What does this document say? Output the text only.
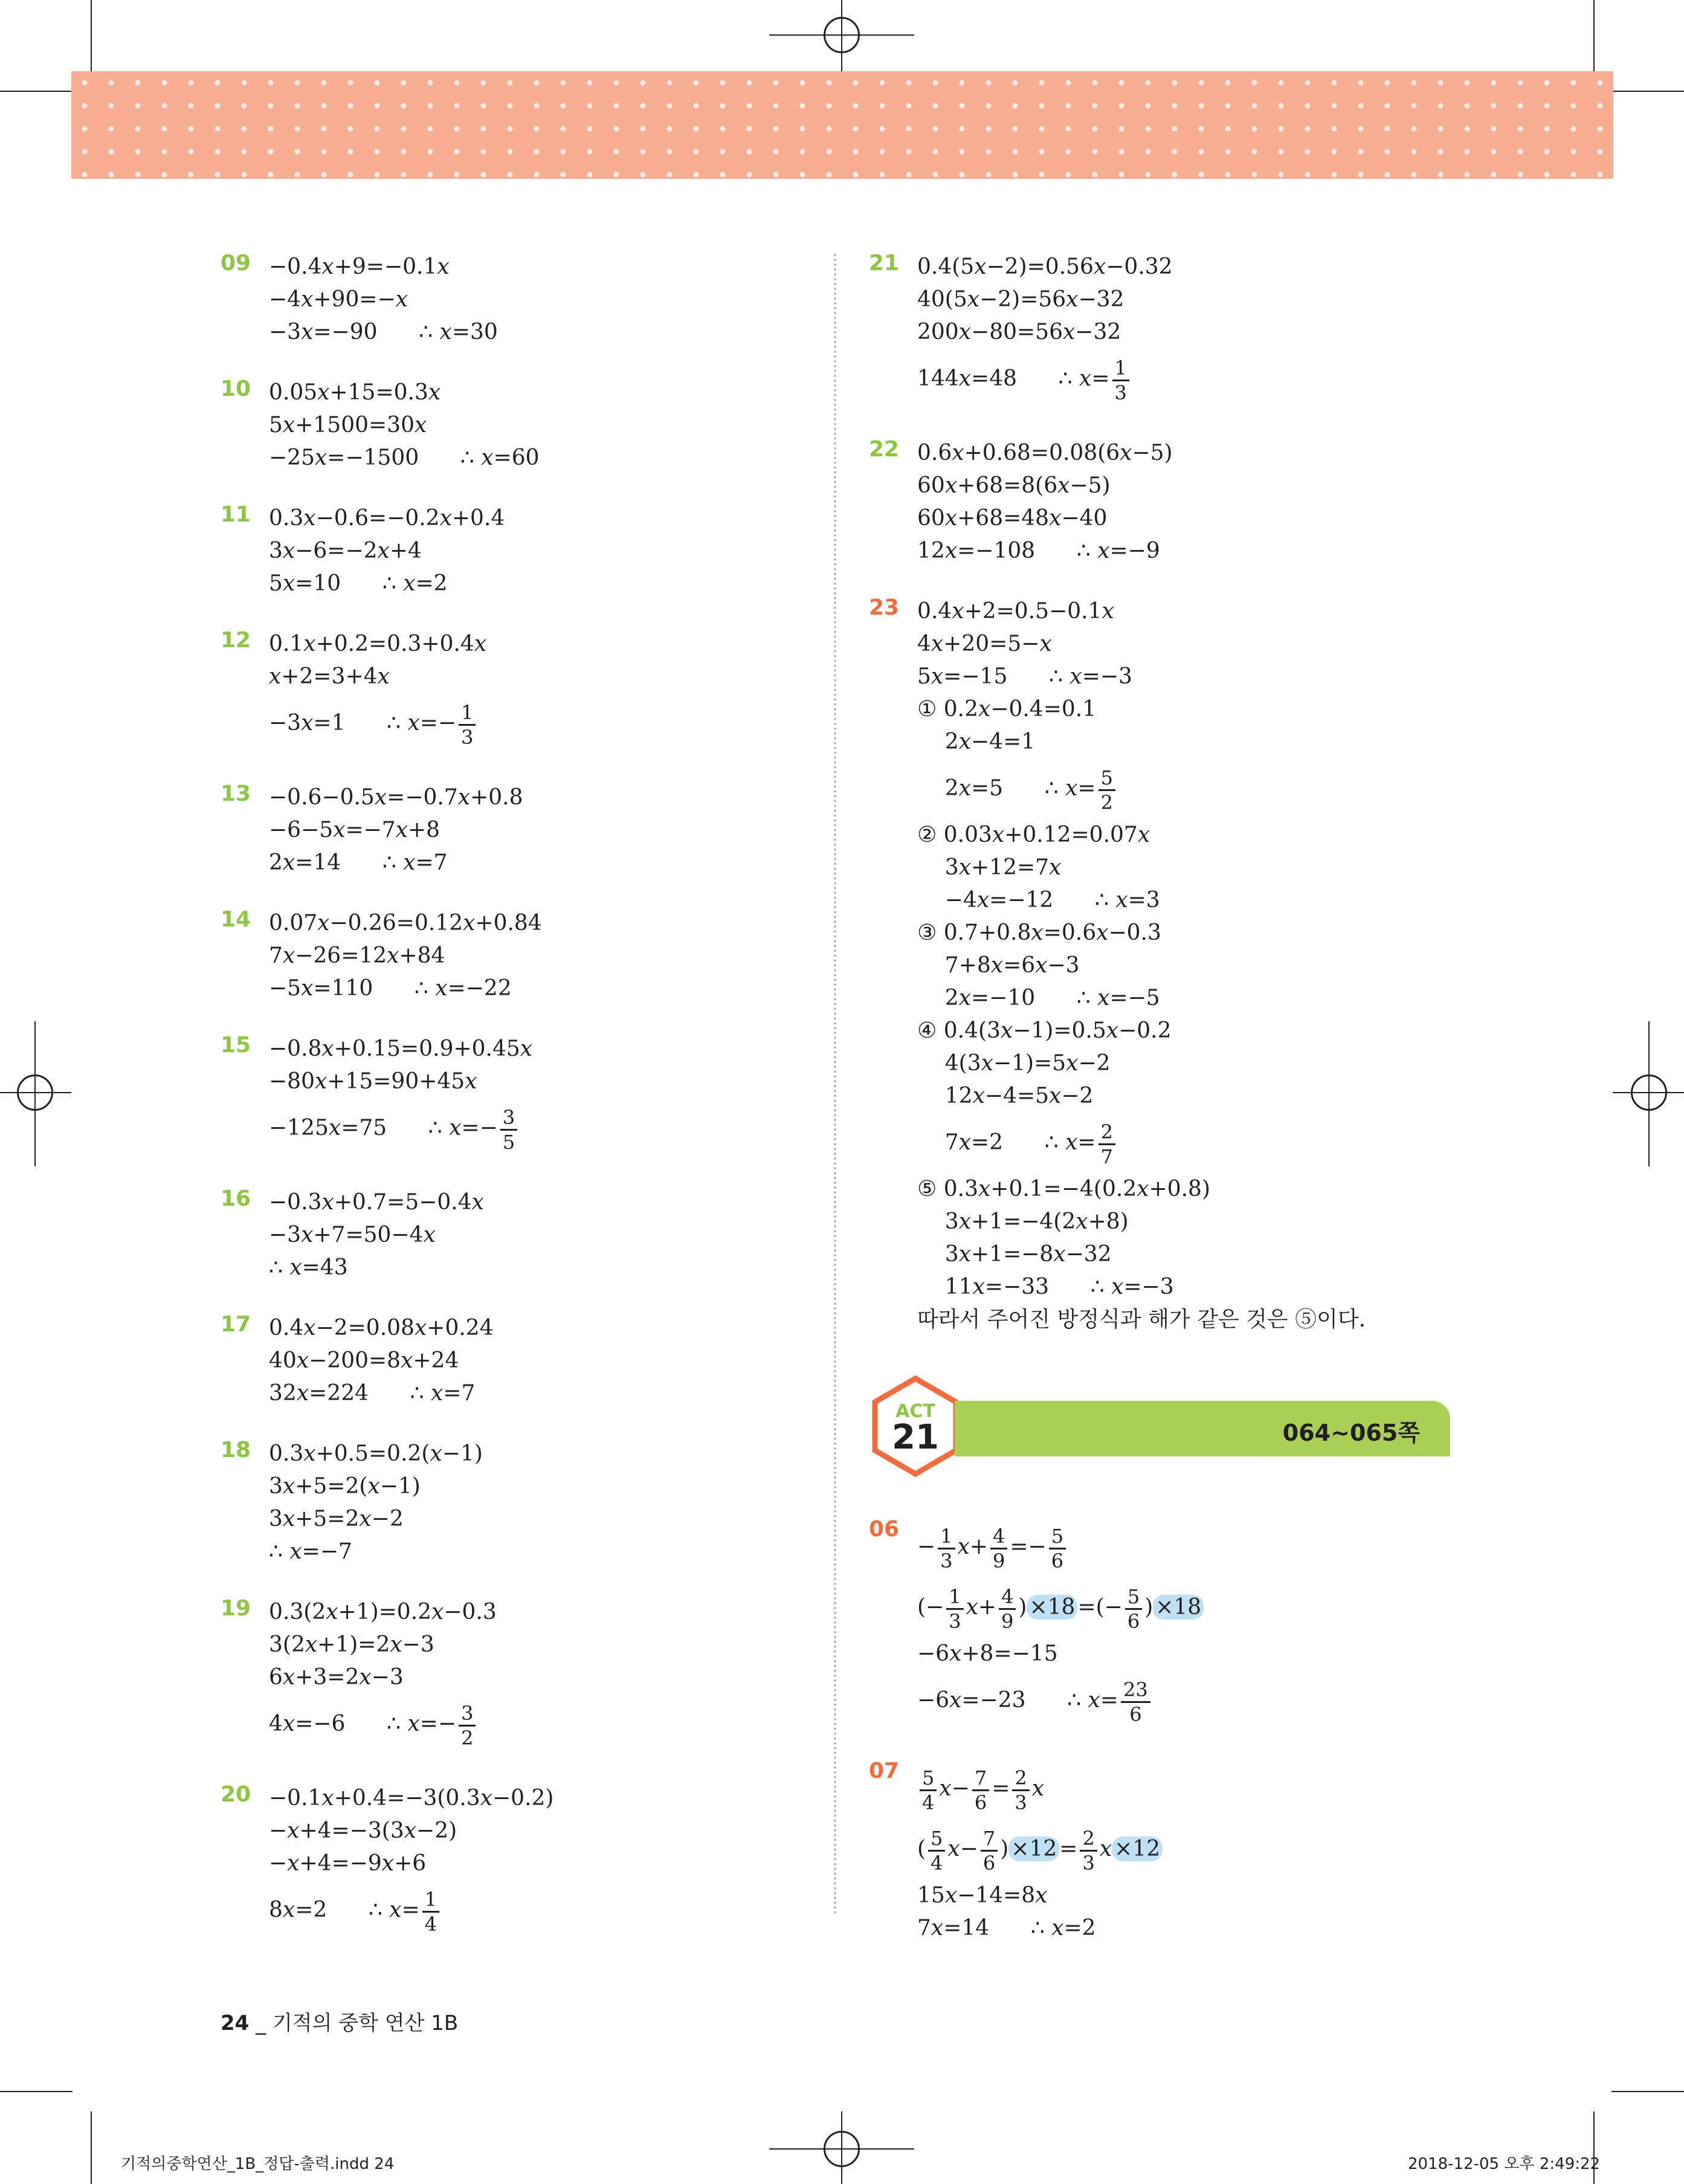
09 −0.4x+9=−0.1x
−4x+90=−x
−3x=−90      ∴ x=30
10 0.05x+15=0.3x
5x+1500=30x
−25x=−1500      ∴ x=60
11 0.3x−0.6=−0.2x+0.4
3x−6=−2x+4
5x=10      ∴ x=2
12 0.1x+0.2=0.3+0.4x
x+2=3+4x
−3x=1      ∴ $x=- \frac{1}{3}$
13 −0.6−0.5x=−0.7x+0.8
−6−5x=−7x+8
2x=14      ∴ x=7
14 0.07x−0.26=0.12x+0.84
7x−26=12x+84
−5x=110      ∴ x=−22
15 −0.8x+0.15=0.9+0.45x
−80x+15=90+45x
−125x=75      ∴ $x=- \frac{3}{5}$
16 −0.3x+0.7=5−0.4x
−3x+7=50−4x
∴ x=43
17 0.4x−2=0.08x+0.24
40x−200=8x+24
32x=224      ∴ x=7
18 0.3x+0.5=0.2(x−1)
3x+5=2(x−1)
3x+5=2x−2
∴ x=−7
19 0.3(2x+1)=0.2x−0.3
3(2x+1)=2x−3
6x+3=2x−3
4x=−6      ∴ $x=- \frac{3}{2}$
20 −0.1x+0.4=−3(0.3x−0.2)
−x+4=−3(3x−2)
−x+4=−9x+6
8x=2      ∴ $x= \frac{1}{4}$
21 0.4(5x−2)=0.56x−0.32
40(5x−2)=56x−32
200x−80=56x−32
144x=48      ∴ $x= \frac{1}{3}$
22 0.6x+0.68=0.08(6x−5)
60x+68=8(6x−5)
60x+68=48x−40
12x=−108      ∴ x=−9
23 0.4x+2=0.5−0.1x
4x+20=5−x
5x=−15      ∴ x=−3
① 0.2x−0.4=0.1
2x−4=1
2x=5      ∴ $x= \frac{5}{2}$
② 0.03x+0.12=0.07x
3x+12=7x
−4x=−12      ∴ x=3
③ 0.7+0.8x=0.6x−0.3
7+8x=6x−3
2x=−10      ∴ x=−5
④ 0.4(3x−1)=0.5x−0.2
4(3x−1)=5x−2
12x−4=5x−2
7x=2      ∴ $x= \frac{2}{7}$
⑤ 0.3x+0.1=−4(0.2x+0.8)
3x+1=−4(2x+8)
3x+1=−8x−32
11x=−33      ∴ x=−3
따라서 주어진 방정식과 해가 같은 것은 ⑤이다.
ACT
21	064~065쪽
06
− $\frac{1}{3} x+ \frac{4}{9} =- \frac{5}{6}$
(− $\frac{1}{3} x+ \frac{4}{9}$ ) ×18 =(− $\frac{5}{6}$ ) ×18
−6x+8=−15
−6x=−23      ∴ $x= \frac{23}{6}$
$07 \frac{5}{4} x- \frac{7}{6} = \frac{2}{3}$ x
( $\frac{5}{4} x- \frac{7}{6}$ ) $\times 12 = \frac{2}{3}$ x ×12
15x−14=8x
7x=14      ∴ x=2
24 _ 기적의 중학 연산 1B
기적의중학연산_1B_정답-출력.indd 24	2018-12-05 오후 2:49:22
